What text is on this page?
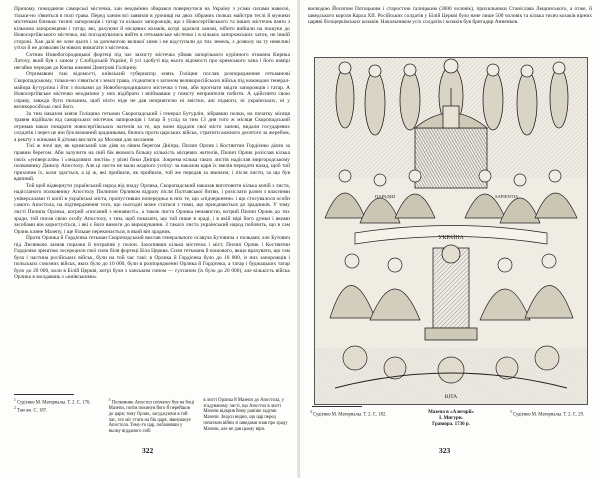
Причому, покидаючи самарські містечка, хан неодмінно збирався повернутися на Україну з усіми силами навесні, тільки-но з'явиться в полі трава. Перед ханом всі заявили в урочищі на двох зібраних полках майстри теслі й мужики містечкам близько тисячі запорожців і татар та кількох запорожців, що з Новосергіївського та інших містечок взято з кількома запорожцями і татар, які, рахуючи й місцевих козаків, котрі здалися ханові, нібито вийшли на пошуки до Новосергіївського містечка, які погоджувались вийти в гетьманське містечко і в кількох запорожських хаток, не іншій стороні. Хан далі не хоче цього і за допомогою великої зими і не відступали до тих земель, з дозволу на ту невеликі утіхи й не дозволяв їм ніяких вимагати з містечок.

Сотник Новобогородицької фортеці під час захисту містечка уймав запорізького курінного отамана Кирика Латоху, який був з ханом у Слобідській Україні, й усі здобуті від нього відомості про кримського хана і його намірі негайно передав до Києва князеві Дмитрові Голіцину.

Отримавши такі відомості, київський губернатор князь Голіцин послав розпорядження гетьманові Скоропадському, тільки-но з'явиться з землі трава, з'єднатися з загоном великоросійських військ під командою генерал-майора Бутурліна і йти з полками до Новобогородицького містечка з тим, аби прогнати звідти запорожців і татар. А Новосергіївське містечко неодмінно у них відібрати і впіймавши у помсту неприятелів побити. А здійснити свою справу, завжди бути пильним, щоб ніхто ніде не дав неприятелю ні звістки, ані підмоги, ні українських, ні у великоросійські свої його.

За тим наказом князя Голіцина гетьман Скоропадський і генерал Бутурлін, зібравши полки, на початку місяця травня відійшли від самарських містечок запорожців і татар й услід за тим 13 дня того ж місяця Скоропадський отримав наказ покарати новосергіївських жителів за те, що вони віддали свої місто ханові, видали государевих солдатів і через це він був визнаний зрадниками, бились проти царських військ, стратити кожного десятого за жеребом, а решту з жінками й дітьми вислати до Москви для заслання.

Тієї ж ночі ще, як кримський хан діяв за лівим берегом Дніпра, Пилип Орлик і Костянтин Гордієнко діяли за правим берегом. Аби залучити на свій бік якомога більшу кількість місцевих жителів, Пилип Орлик розіслав кілька своїх «універсалів» і «знадливих листів» у різні боки Дніпра. Зокрема кілька таких листів надіслав миргородському полковнику Данилу Апостолу. Але ці листи не мали жодного успіху: за наказом царя їх звелів передати назад, щоб той прихопив їх, коли здасться, а ці ж, які прийшли, як прийшли, той же передав за звичаєм, і після листи, за що був вдячний.

Той щоб відвернути український народ від знаду Орлика, Скоропадський наказав виготовити кілька копій з листа, надісланого полковнику Апостолу Пилипом Орликом відразу після Полтавської битви, і розіслати разом з власними універсалами ті копії в українські міста, пропустивши попередньо в них те, що «підчеркнене» і що стосувалося особи самого Апостола, на підтвердження того, що сьогодні може статися з тими, що приєднаються до зрадників. У тому листі Пилипа Орлика, котрий «писаний з ненависті», а також листа Орлика ненавистю, котрий Пилип Орлик до тих зради, той писав свою особу Апостолу, з тим, щоб показати, що той пише в зраді, і в якій мірі його думки і якими засобами він користується, і які є його вимоги до вирощування. З такого листа український народ побачить, що в сам Орлик кляне Мазепу, і ще більше переконається, в який він зрадник.

Проти Орлика й Гордієнка гетьман Скоропадський вислав генерального осавула Бутовича з полками; але Бутович під Лисянкою зазнав поразки й потрапив у полон. Захопивши кілька містечок і міст, Пилип Орлик і Костянтин Гордієнко зрештою зосередили свої сили біля фортеці Біла Церква. Сили гетьмана й кошового, якщо врахувати, що там була і частина російських військ, були на той час такі: в Орлика й Гордієнка було до 10 000, із них запорожців і польських союзних військ, яких було до 10 000, були в розпорядженні Орлика й Гордієнка, а татар і буджацьких татар було до 20 000, коли в Білій Церкві, котрі були з ханським сином — султаном (їх було до 20 000), але кількість військ Орлика в молдавань з «київськими»

$^1$ Судієнко М. Материалы. Т. 2. С. 176.

$^2$ Там же. С. 187.

$^3$ Полковник Апостол спочатку був на боці Мазепи, потім покинув його й перейшов до царя; тому Орлик, засуджуючи в той час, хто міг стати на бік царя, звинувачує Апостола. Тому-то цар, побачивши у ньому відданого собі

в листі Орлика й Мазепи до Апостола, у згадуваному листі, що Апостол в листі Мазепи відкрив йому раніше задуми Мазепи. Звідси видно, що цар перед початком війни зі шведами знав про зраду Мазепи, але не дав цьому віри.

322

воєводою Йосипом Потоцьким і старостою галицьким (3000 чоловік), прихильники Станіслава Лещинського, а отже, й шведського короля Карла XII. Російських солдатів у Білій Церкві було наче лише 500 чоловік та кілька тисяч козаків вірних царяві білоцерківських козаків. Начальником усіх солдатів і козаків був бригадир Анненков.

УКРАЇНА
ΒΙΤΑ
ПАРАДИЗ	SAPIENTIA

$^4$ Судієнко М. Материалы. Т. 2. С. 182.

Мазепа в «Алегорії»
І. Мигури.
Гравюра. 1736 р.

$^5$ Судієнко М. Материалы. Т. 2. С. 29.

323
